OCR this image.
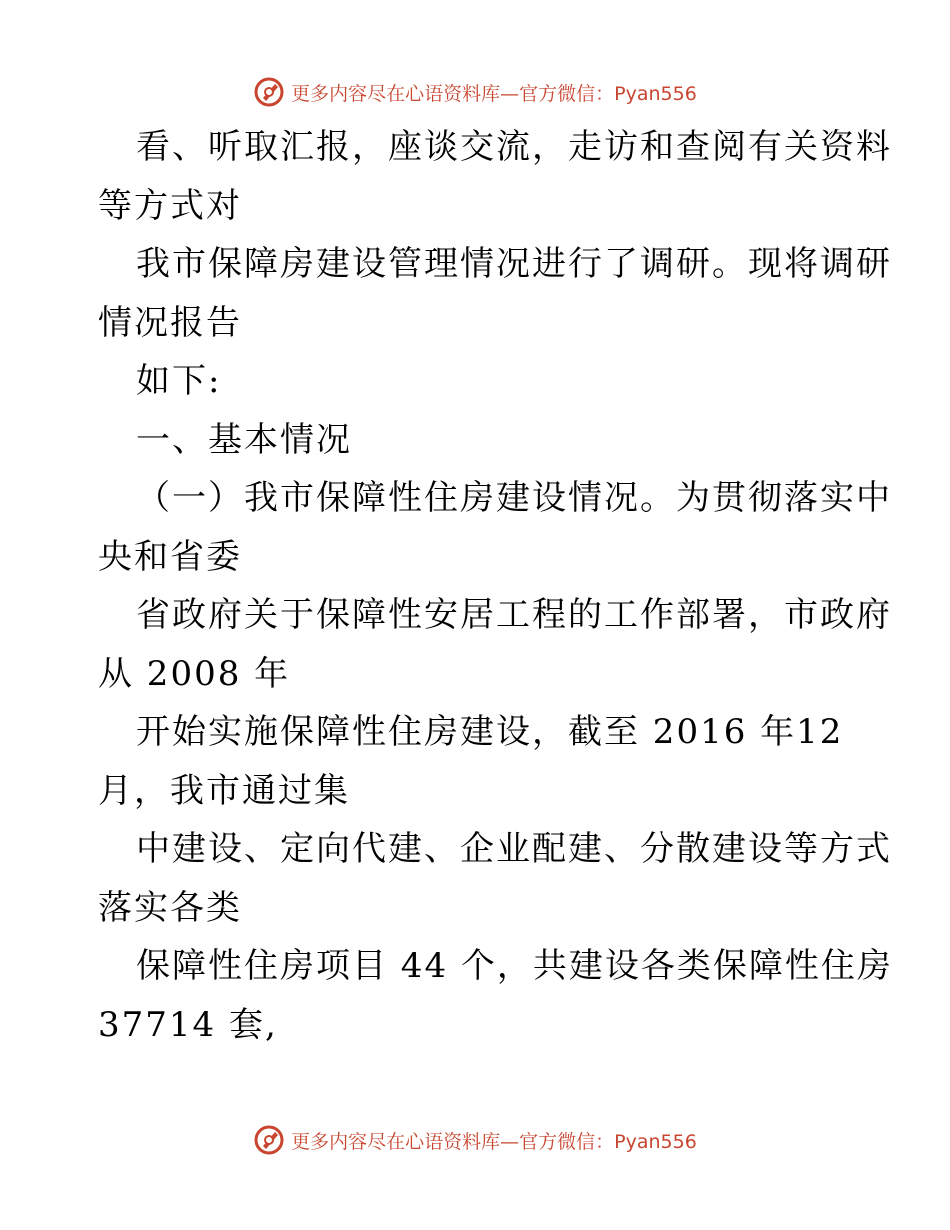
更多内容尽在心语资料库—官方微信：Pyan556
看、听取汇报，座谈交流，走访和查阅有关资料
等方式对
我市保障房建设管理情况进行了调研。现将调研
情况报告
如下:
一、基本情况
（一）我市保障性住房建设情况。为贯彻落实中
央和省委
省政府关于保障性安居工程的工作部署，市政府
从 2008 年
开始实施保障性住房建设，截至 2016 年12
月，我市通过集
中建设、定向代建、企业配建、分散建设等方式
落实各类
保障性住房项目 44 个，共建设各类保障性住房
37714 套,
更多内容尽在心语资料库—官方微信：Pyan556
